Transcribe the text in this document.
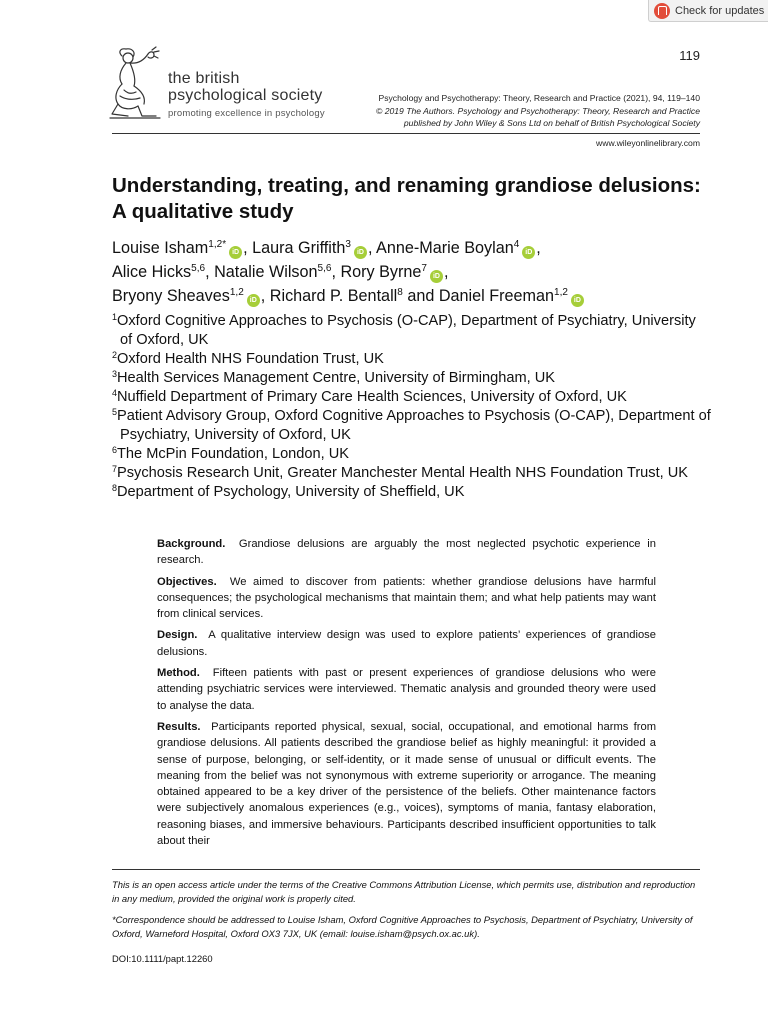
Check for updates
119
the british
psychological society
promoting excellence in psychology
Psychology and Psychotherapy: Theory, Research and Practice (2021), 94, 119–140
© 2019 The Authors. Psychology and Psychotherapy: Theory, Research and Practice
published by John Wiley & Sons Ltd on behalf of British Psychological Society
www.wileyonlinelibrary.com
Understanding, treating, and renaming grandiose delusions: A qualitative study
Louise Isham$^{1,2*}$iD , Laura Griffith$^3$iD , Anne-Marie Boylan$^4$iD ,
Alice Hicks$^{5,6}$, Natalie Wilson$^{5,6}$, Rory Byrne$^7$iD ,
Bryony Sheaves$^{1,2}$iD , Richard P. Bentall$^8$ and Daniel Freeman$^{1,2}$iD
$^1$Oxford Cognitive Approaches to Psychosis (O-CAP), Department of Psychiatry, University of Oxford, UK
$^2$Oxford Health NHS Foundation Trust, UK
$^3$Health Services Management Centre, University of Birmingham, UK
$^4$Nuffield Department of Primary Care Health Sciences, University of Oxford, UK
$^5$Patient Advisory Group, Oxford Cognitive Approaches to Psychosis (O-CAP), Department of Psychiatry, University of Oxford, UK
$^6$The McPin Foundation, London, UK
$^7$Psychosis Research Unit, Greater Manchester Mental Health NHS Foundation Trust, UK
$^8$Department of Psychology, University of Sheffield, UK

Background. Grandiose delusions are arguably the most neglected psychotic experience in research.

Objectives. We aimed to discover from patients: whether grandiose delusions have harmful consequences; the psychological mechanisms that maintain them; and what help patients may want from clinical services.

Design. A qualitative interview design was used to explore patients’ experiences of grandiose delusions.

Method. Fifteen patients with past or present experiences of grandiose delusions who were attending psychiatric services were interviewed. Thematic analysis and grounded theory were used to analyse the data.

Results. Participants reported physical, sexual, social, occupational, and emotional harms from grandiose delusions. All patients described the grandiose belief as highly meaningful: it provided a sense of purpose, belonging, or self-identity, or it made sense of unusual or difficult events. The meaning from the belief was not synonymous with extreme superiority or arrogance. The meaning obtained appeared to be a key driver of the persistence of the beliefs. Other maintenance factors were subjectively anomalous experiences (e.g., voices), symptoms of mania, fantasy elaboration, reasoning biases, and immersive behaviours. Participants described insufficient opportunities to talk about their

This is an open access article under the terms of the Creative Commons Attribution License, which permits use, distribution and reproduction in any medium, provided the original work is properly cited.

*Correspondence should be addressed to Louise Isham, Oxford Cognitive Approaches to Psychosis, Department of Psychiatry, University of Oxford, Warneford Hospital, Oxford OX3 7JX, UK (email: louise.isham@psych.ox.ac.uk).

DOI:10.1111/papt.12260
